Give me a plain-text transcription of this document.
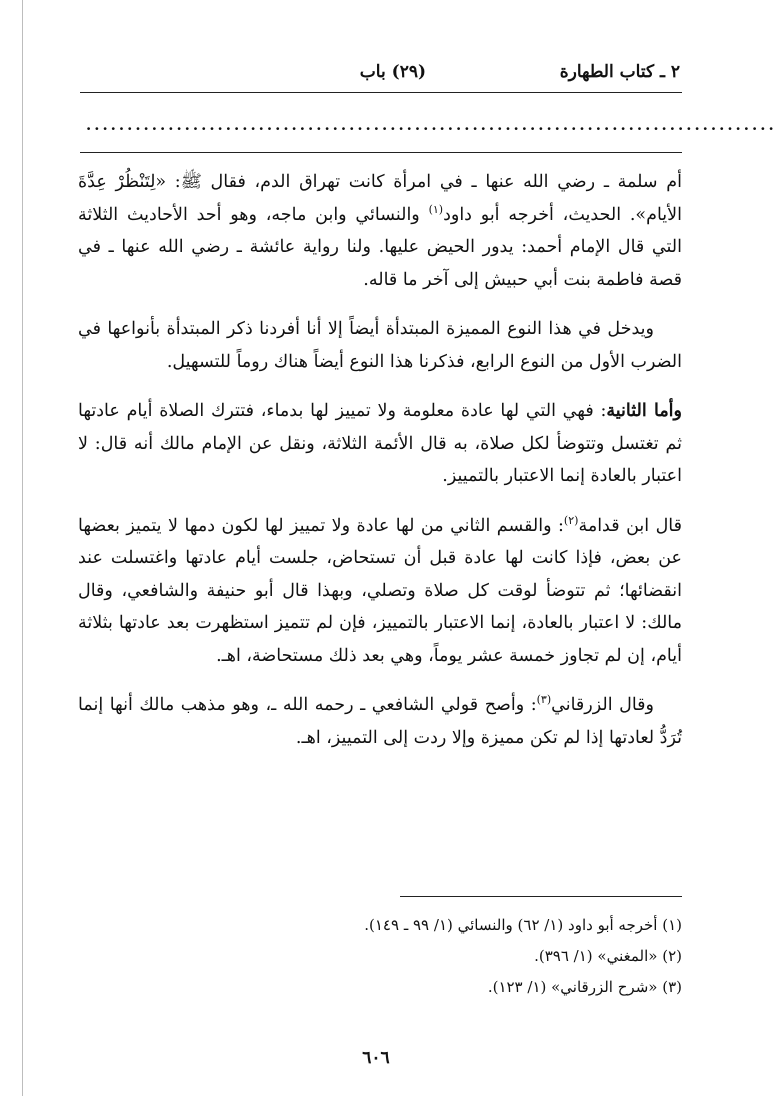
٢ ـ كتاب الطهارة
(٢٩) باب
....................................................................................

أم سلمة ـ رضي الله عنها ـ في امرأة كانت تهراق الدم، فقال ﷺ: «لِتَنْظُرْ عِدَّةَ الأيام». الحديث، أخرجه أبو داود$^{(١)}$ والنسائي وابن ماجه، وهو أحد الأحاديث الثلاثة التي قال الإمام أحمد: يدور الحيض عليها. ولنا رواية عائشة ـ رضي الله عنها ـ في قصة فاطمة بنت أبي حبيش إلى آخر ما قاله.

ويدخل في هذا النوع المميزة المبتدأة أيضاً إلا أنا أفردنا ذكر المبتدأة بأنواعها في الضرب الأول من النوع الرابع، فذكرنا هذا النوع أيضاً هناك روماً للتسهيل.

وأما الثانية: فهي التي لها عادة معلومة ولا تمييز لها بدماء، فتترك الصلاة أيام عادتها ثم تغتسل وتتوضأ لكل صلاة، به قال الأئمة الثلاثة، ونقل عن الإمام مالك أنه قال: لا اعتبار بالعادة إنما الاعتبار بالتمييز.

قال ابن قدامة$^{(٢)}$: والقسم الثاني من لها عادة ولا تمييز لها لكون دمها لا يتميز بعضها عن بعض، فإذا كانت لها عادة قبل أن تستحاض، جلست أيام عادتها واغتسلت عند انقضائها؛ ثم تتوضأ لوقت كل صلاة وتصلي، وبهذا قال أبو حنيفة والشافعي، وقال مالك: لا اعتبار بالعادة، إنما الاعتبار بالتمييز، فإن لم تتميز استظهرت بعد عادتها بثلاثة أيام، إن لم تجاوز خمسة عشر يوماً، وهي بعد ذلك مستحاضة، اهـ.

وقال الزرقاني$^{(٣)}$: وأصح قولي الشافعي ـ رحمه الله ـ، وهو مذهب مالك أنها إنما تُرَدُّ لعادتها إذا لم تكن مميزة وإلا ردت إلى التمييز، اهـ.

(١) أخرجه أبو داود (١/ ٦٢) والنسائي (١/ ٩٩ ـ ١٤٩).
(٢) «المغني» (١/ ٣٩٦).
(٣) «شرح الزرقاني» (١/ ١٢٣).
٦٠٦
